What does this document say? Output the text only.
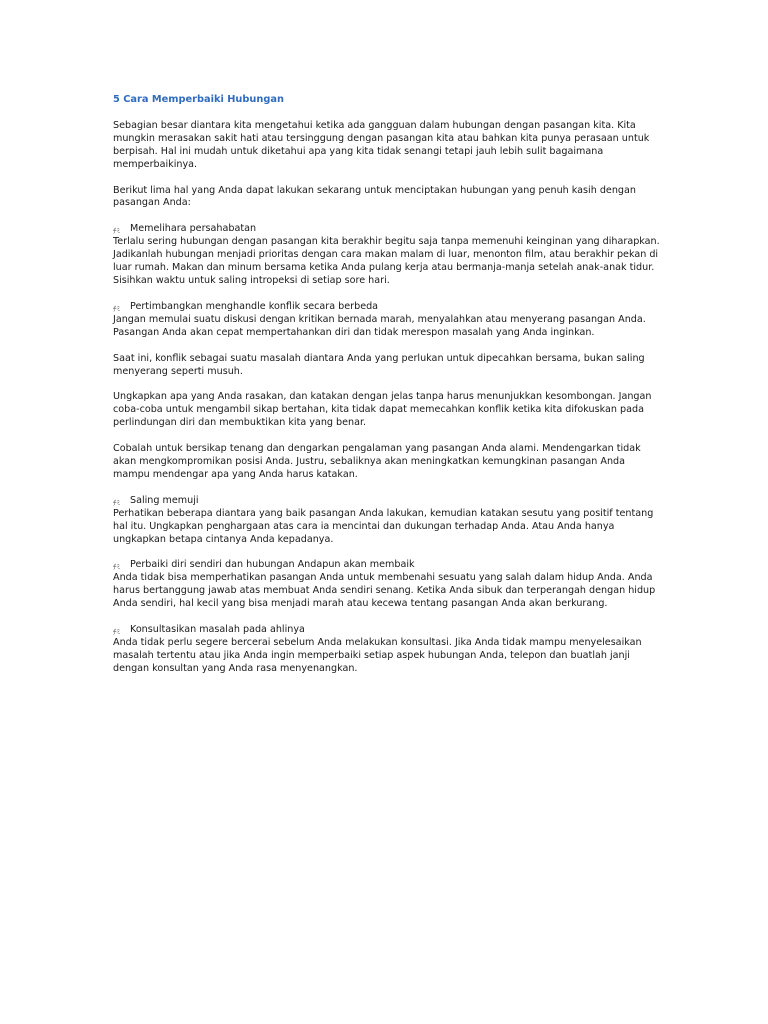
5 Cara Memperbaiki Hubungan

Sebagian besar diantara kita mengetahui ketika ada gangguan dalam hubungan dengan pasangan kita. Kita mungkin merasakan sakit hati atau tersinggung dengan pasangan kita atau bahkan kita punya perasaan untuk berpisah. Hal ini mudah untuk diketahui apa yang kita tidak senangi tetapi jauh lebih sulit bagaimana memperbaikinya.

Berikut lima hal yang Anda dapat lakukan sekarang untuk menciptakan hubungan yang penuh kasih dengan pasangan Anda:

ﾁﾐ	Memelihara persahabatan

Terlalu sering hubungan dengan pasangan kita berakhir begitu saja tanpa memenuhi keinginan yang diharapkan. Jadikanlah hubungan menjadi prioritas dengan cara makan malam di luar, menonton film, atau berakhir pekan di luar rumah. Makan dan minum bersama ketika Anda pulang kerja atau bermanja-manja setelah anak-anak tidur. Sisihkan waktu untuk saling intropeksi di setiap sore hari.

ﾁﾐ	Pertimbangkan menghandle konflik secara berbeda

Jangan memulai suatu diskusi dengan kritikan bernada marah, menyalahkan atau menyerang pasangan Anda. Pasangan Anda akan cepat mempertahankan diri dan tidak merespon masalah yang Anda inginkan.

Saat ini, konflik sebagai suatu masalah diantara Anda yang perlukan untuk dipecahkan bersama, bukan saling menyerang seperti musuh.

Ungkapkan apa yang Anda rasakan, dan katakan dengan jelas tanpa harus menunjukkan kesombongan. Jangan coba-coba untuk mengambil sikap bertahan, kita tidak dapat memecahkan konflik ketika kita difokuskan pada perlindungan diri dan membuktikan kita yang benar.

Cobalah untuk bersikap tenang dan dengarkan pengalaman yang pasangan Anda alami. Mendengarkan tidak akan mengkompromikan posisi Anda. Justru, sebaliknya akan meningkatkan kemungkinan pasangan Anda mampu mendengar apa yang Anda harus katakan.

ﾁﾐ	Saling memuji

Perhatikan beberapa diantara yang baik pasangan Anda lakukan, kemudian katakan sesutu yang positif tentang hal itu. Ungkapkan penghargaan atas cara ia mencintai dan dukungan terhadap Anda. Atau Anda hanya ungkapkan betapa cintanya Anda kepadanya.

ﾁﾐ	Perbaiki diri sendiri dan hubungan Andapun akan membaik

Anda tidak bisa memperhatikan pasangan Anda untuk membenahi sesuatu yang salah dalam hidup Anda. Anda harus bertanggung jawab atas membuat Anda sendiri senang. Ketika Anda sibuk dan terperangah dengan hidup Anda sendiri, hal kecil yang bisa menjadi marah atau kecewa tentang pasangan Anda akan berkurang.

ﾁﾐ	Konsultasikan masalah pada ahlinya

Anda tidak perlu segere bercerai sebelum Anda melakukan konsultasi. Jika Anda tidak mampu menyelesaikan masalah tertentu atau jika Anda ingin memperbaiki setiap aspek hubungan Anda, telepon dan buatlah janji dengan konsultan yang Anda rasa menyenangkan.
